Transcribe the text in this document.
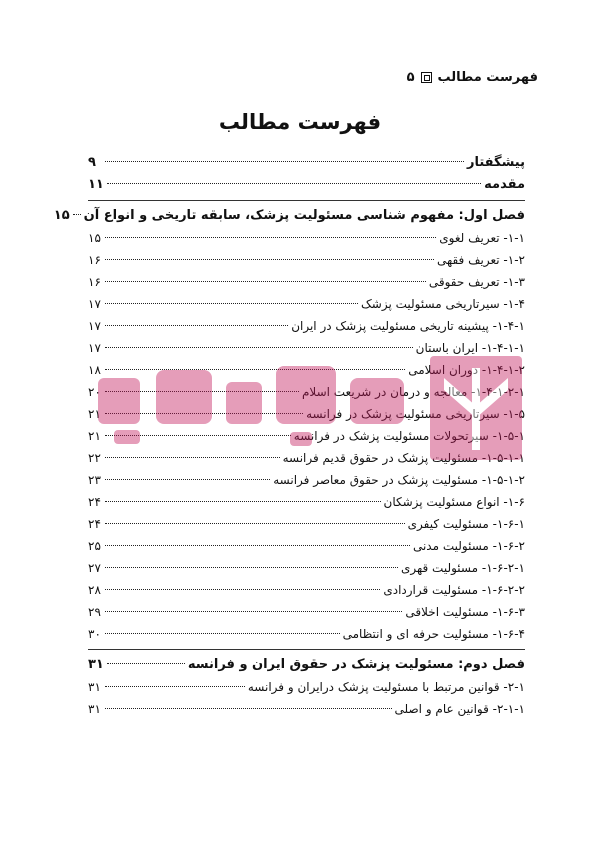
فهرست مطالب
۵
فهرست مطالب
پیشگفتار
۹
مقدمه
۱۱
فصل اول: مفهوم شناسی مسئولیت پزشک، سابقه تاریخی و انواع آن
۱۵
۱-۱- تعریف لغوی
۱۵
۱-۲- تعریف فقهی
۱۶
۱-۳- تعریف حقوقی
۱۶
۱-۴- سیرتاریخی مسئولیت پزشک
۱۷
۱-۴-۱- پیشینه تاریخی مسئولیت پزشک در ایران
۱۷
۱-۴-۱-۱- ایران باستان
۱۷
۱-۴-۱-۲- دوران اسلامی
۱۸
۱-۴-۱-۲-۱- معالجه و درمان در شریعت اسلام
۲۰
۱-۵- سیرتاریخی مسئولیت پزشک در فرانسه
۲۱
۱-۵-۱- سیرتحولات مسئولیت پزشک در فرانسه
۲۱
۱-۵-۱-۱- مسئولیت پزشک در حقوق قدیم فرانسه
۲۲
۱-۵-۱-۲- مسئولیت پزشک در حقوق معاصر فرانسه
۲۳
۱-۶- انواع مسئولیت پزشکان
۲۴
۱-۶-۱- مسئولیت کیفری
۲۴
۱-۶-۲- مسئولیت مدنی
۲۵
۱-۶-۲-۱- مسئولیت قهری
۲۷
۱-۶-۲-۲- مسئولیت قراردادی
۲۸
۱-۶-۳- مسئولیت اخلاقی
۲۹
۱-۶-۴- مسئولیت حرفه ای و انتظامی
۳۰
فصل دوم: مسئولیت پزشک در حقوق ایران و فرانسه
۳۱
۲-۱- قوانین مرتبط با مسئولیت پزشک درایران و فرانسه
۳۱
۲-۱-۱- قوانین عام و اصلی
۳۱
